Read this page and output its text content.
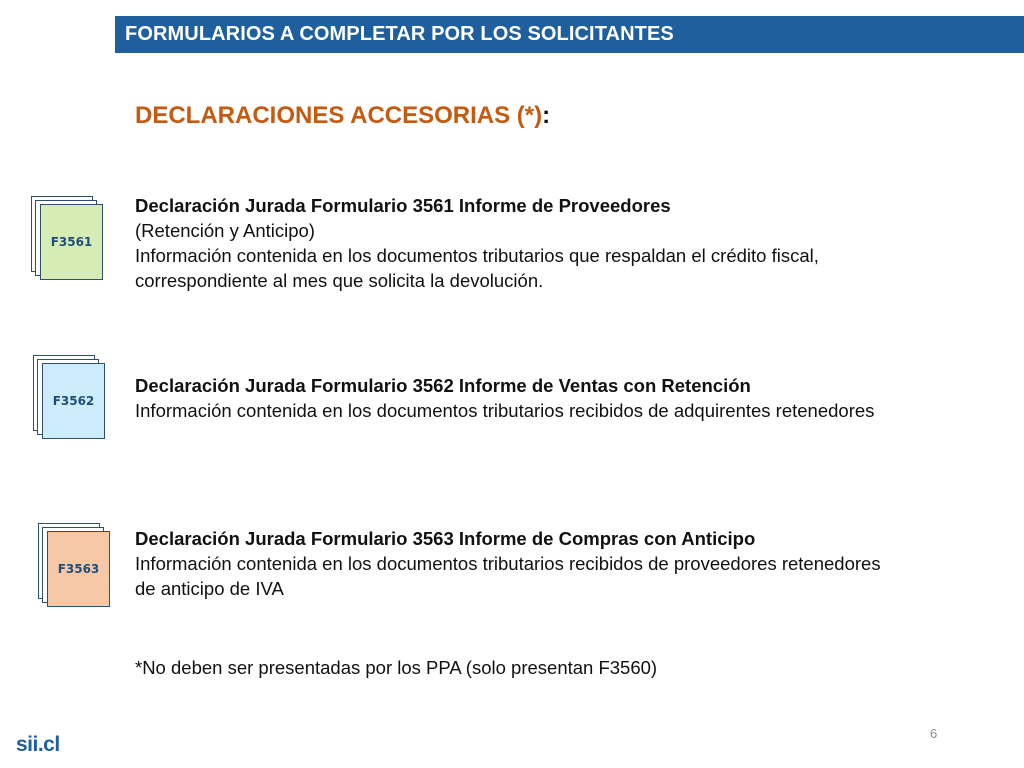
FORMULARIOS A COMPLETAR POR LOS SOLICITANTES
DECLARACIONES ACCESORIAS (*):
F3561
Declaración Jurada Formulario 3561 Informe de Proveedores
(Retención y Anticipo)
Información contenida en los documentos tributarios que respaldan el crédito fiscal,
correspondiente al mes que solicita la devolución.
F3562
Declaración Jurada Formulario 3562 Informe de Ventas con Retención
Información contenida en los documentos tributarios recibidos de adquirentes retenedores
F3563
Declaración Jurada Formulario 3563 Informe de Compras con Anticipo
Información contenida en los documentos tributarios recibidos de proveedores retenedores
de anticipo de IVA
*No deben ser presentadas por los PPA (solo presentan F3560)
6
sii.cl
